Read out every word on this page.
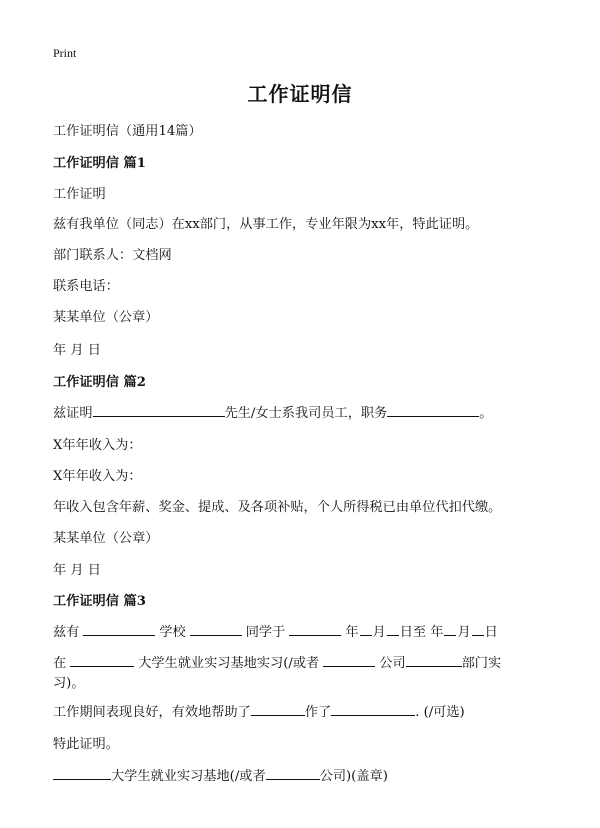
Print
工作证明信
工作证明信（通用14篇）
工作证明信 篇1
工作证明
兹有我单位（同志）在xx部门，从事工作，专业年限为xx年，特此证明。
部门联系人：文档网
联系电话：
某某单位（公章）
年 月 日
工作证明信 篇2
兹证明	先生/女士系我司员工，职务	。
X年年收入为：
X年年收入为：
年收入包含年薪、奖金、提成、及各项补贴，个人所得税已由单位代扣代缴。
某某单位（公章）
年 月 日
工作证明信 篇3
兹有	学校	同学于	年 月 日至 年 月 日
在	大学生就业实习基地实习(/或者	公司	部门实
习)。
工作期间表现良好，有效地帮助了	作了	. (/可选)
特此证明。
大学生就业实习基地(/或者	公司)(盖章)
